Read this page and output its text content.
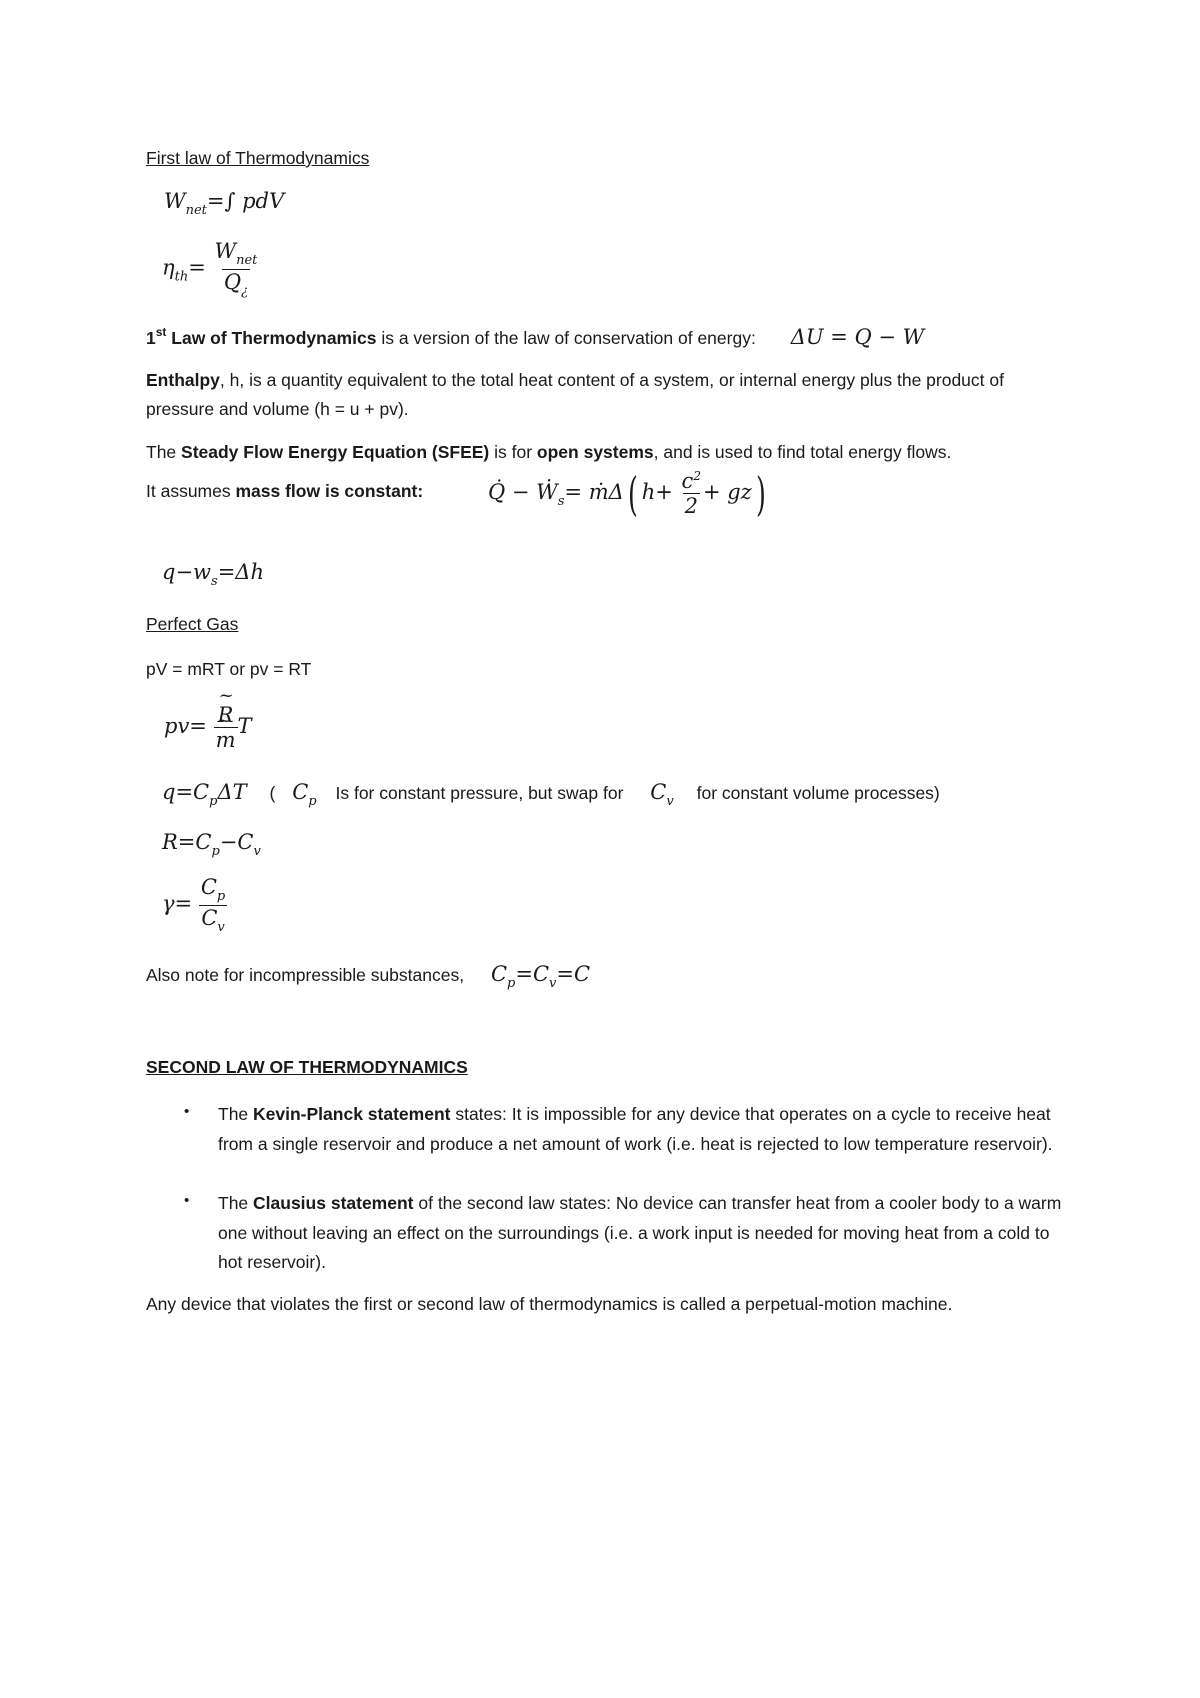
First law of Thermodynamics
$W_{net}=\int$ pdV
$\eta_{th}= \frac{W_{net}}{Q_¿}$
1st Law of Thermodynamics is a version of the law of conservation of energy: ΔU = Q − W
Enthalpy, h, is a quantity equivalent to the total heat content of a system, or internal energy plus the product of pressure and volume (h = u + pv).
The Steady Flow Energy Equation (SFEE) is for open systems, and is used to find total energy flows.
It assumes mass flow is constant:	Q̇ − Ẇ$_s$= ṁΔ( $h+ \frac{c^2}{2} + gz$)
$q-w_s=\Delta h$
Perfect Gas
pV = mRT or pv = RT
pv=
~ R
~ m T
$q=C_p\Delta T$ ( $C_p$ Is for constant pressure, but swap for $C_v$ for constant volume processes)
$R=C_p-C_v$
$\gamma= \frac{C_p}{C_v}$
Also note for incompressible substances, $C_p=C_v=C$
SECOND LAW OF THERMODYNAMICS
• The Kevin-Planck statement states: It is impossible for any device that operates on a cycle to receive heat from a single reservoir and produce a net amount of work (i.e. heat is rejected to low temperature reservoir).
• The Clausius statement of the second law states: No device can transfer heat from a cooler body to a warm one without leaving an effect on the surroundings (i.e. a work input is needed for moving heat from a cold to hot reservoir).
Any device that violates the first or second law of thermodynamics is called a perpetual-motion machine.
